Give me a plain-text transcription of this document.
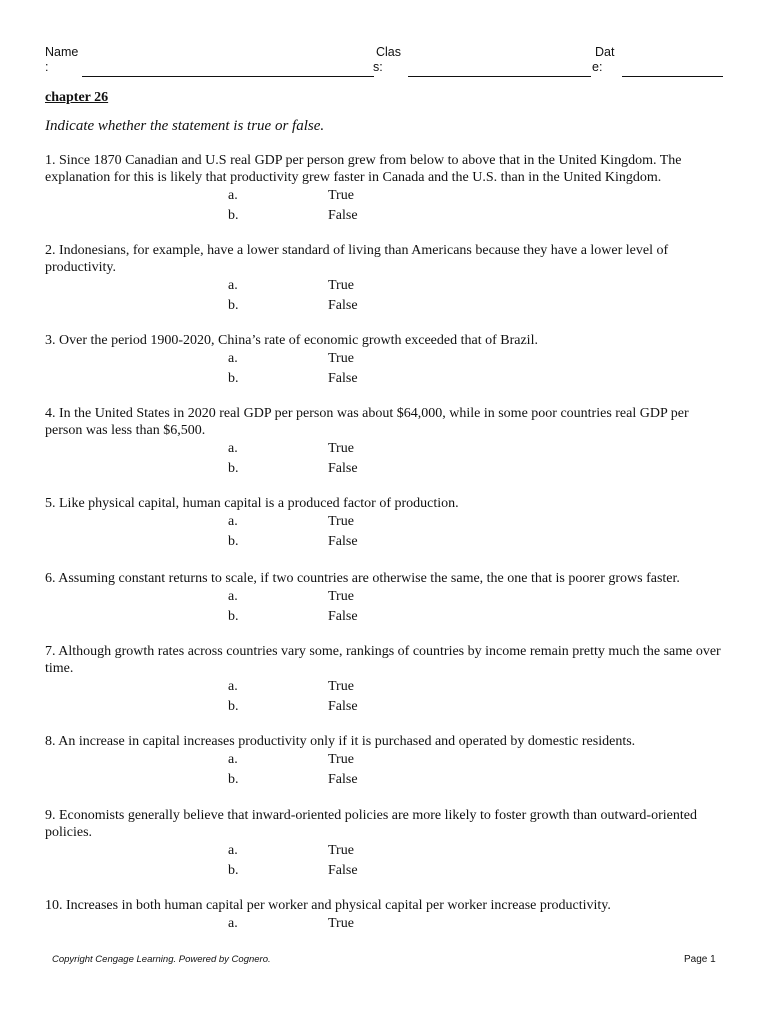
Name
:
Clas
s:
Dat
e:
chapter 26
Indicate whether the statement is true or false.
1. Since 1870 Canadian and U.S real GDP per person grew from below to above that in the United Kingdom. The explanation for this is likely that productivity grew faster in Canada and the U.S. than in the United Kingdom.
a.	True
b.	False
2. Indonesians, for example, have a lower standard of living than Americans because they have a lower level of productivity.
a.	True
b.	False
3. Over the period 1900-2020, China’s rate of economic growth exceeded that of Brazil.
a.	True
b.	False
4. In the United States in 2020 real GDP per person was about $64,000, while in some poor countries real GDP per person was less than $6,500.
a.	True
b.	False
5. Like physical capital, human capital is a produced factor of production.
a.	True
b.	False
6. Assuming constant returns to scale, if two countries are otherwise the same, the one that is poorer grows faster.
a.	True
b.	False
7. Although growth rates across countries vary some, rankings of countries by income remain pretty much the same over time.
a.	True
b.	False
8. An increase in capital increases productivity only if it is purchased and operated by domestic residents.
a.	True
b.	False
9. Economists generally believe that inward-oriented policies are more likely to foster growth than outward-oriented policies.
a.	True
b.	False
10. Increases in both human capital per worker and physical capital per worker increase productivity.
a.	True
Copyright Cengage Learning. Powered by Cognero.	Page 1
